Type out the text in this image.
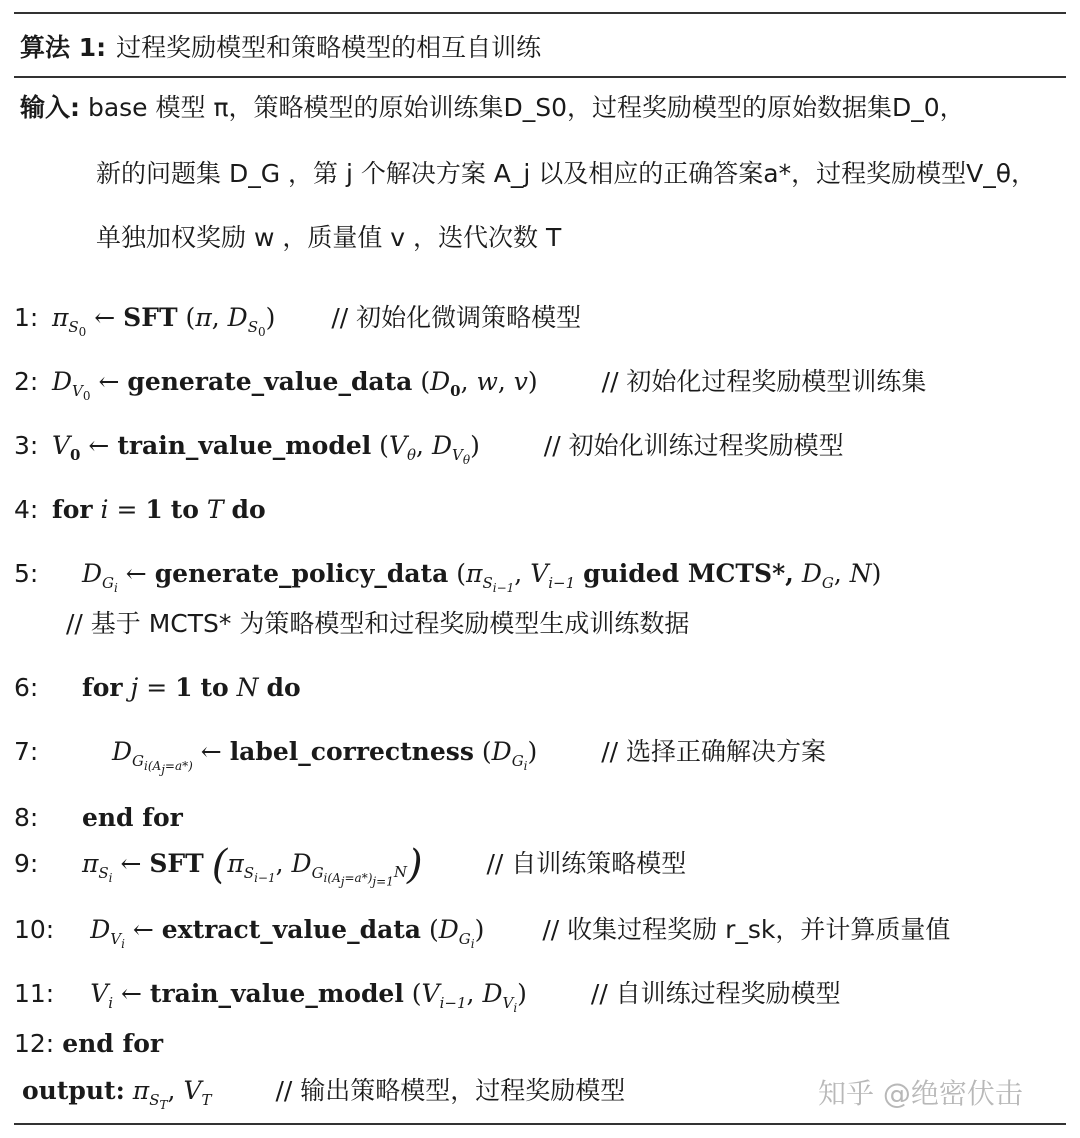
算法 1: 过程奖励模型和策略模型的相互自训练
输入: base 模型 π，策略模型的原始训练集D_S0，过程奖励模型的原始数据集D_0，
新的问题集 D_G ，第 j 个解决方案 A_j 以及相应的正确答案a*，过程奖励模型V_θ，
单独加权奖励 w ，质量值 v ，迭代次数 T
1: $\pi_{S_0}$ ← SFT (π, $D_{S_0}$) // 初始化微调策略模型
2: $D_{V_0}$ ← generate_value_data ($D_0$, w, v)	// 初始化过程奖励模型训练集
3: $V_0$ ← train_value_model ($V_\theta$, $D_{V_\theta}$)	// 初始化训练过程奖励模型
4: for i = 1 to T do
5: $D_{G_i}$ ← generate_policy_data ($\pi_{S_{i-1}}$, $V_{i-1}$ guided MCTS*, $D_G$, N)
// 基于 MCTS* 为策略模型和过程奖励模型生成训练数据
6: for j = 1 to N do
7:	$D_{G_{i(A_j=a*)}}$ ← label_correctness $(D_{G_i})$	// 选择正确解决方案
8: end for
9: $\pi_{S_i}$ ← SFT ($\pi_{S_{i-1}}$, $D_{G_{i(A_j=a*)_{j=1}^N}}$)	// 自训练策略模型
10: $D_{V_i}$ ← extract_value_data $(D_{G_i})$ // 收集过程奖励 r_sk，并计算质量值
11: $V_i$ ← train_value_model ($V_{i-1}$, $D_{V_i}$)	// 自训练过程奖励模型
12: end for
output: $\pi_{S_T}$, $V_T$	// 输出策略模型，过程奖励模型	知乎 @绝密伏击
